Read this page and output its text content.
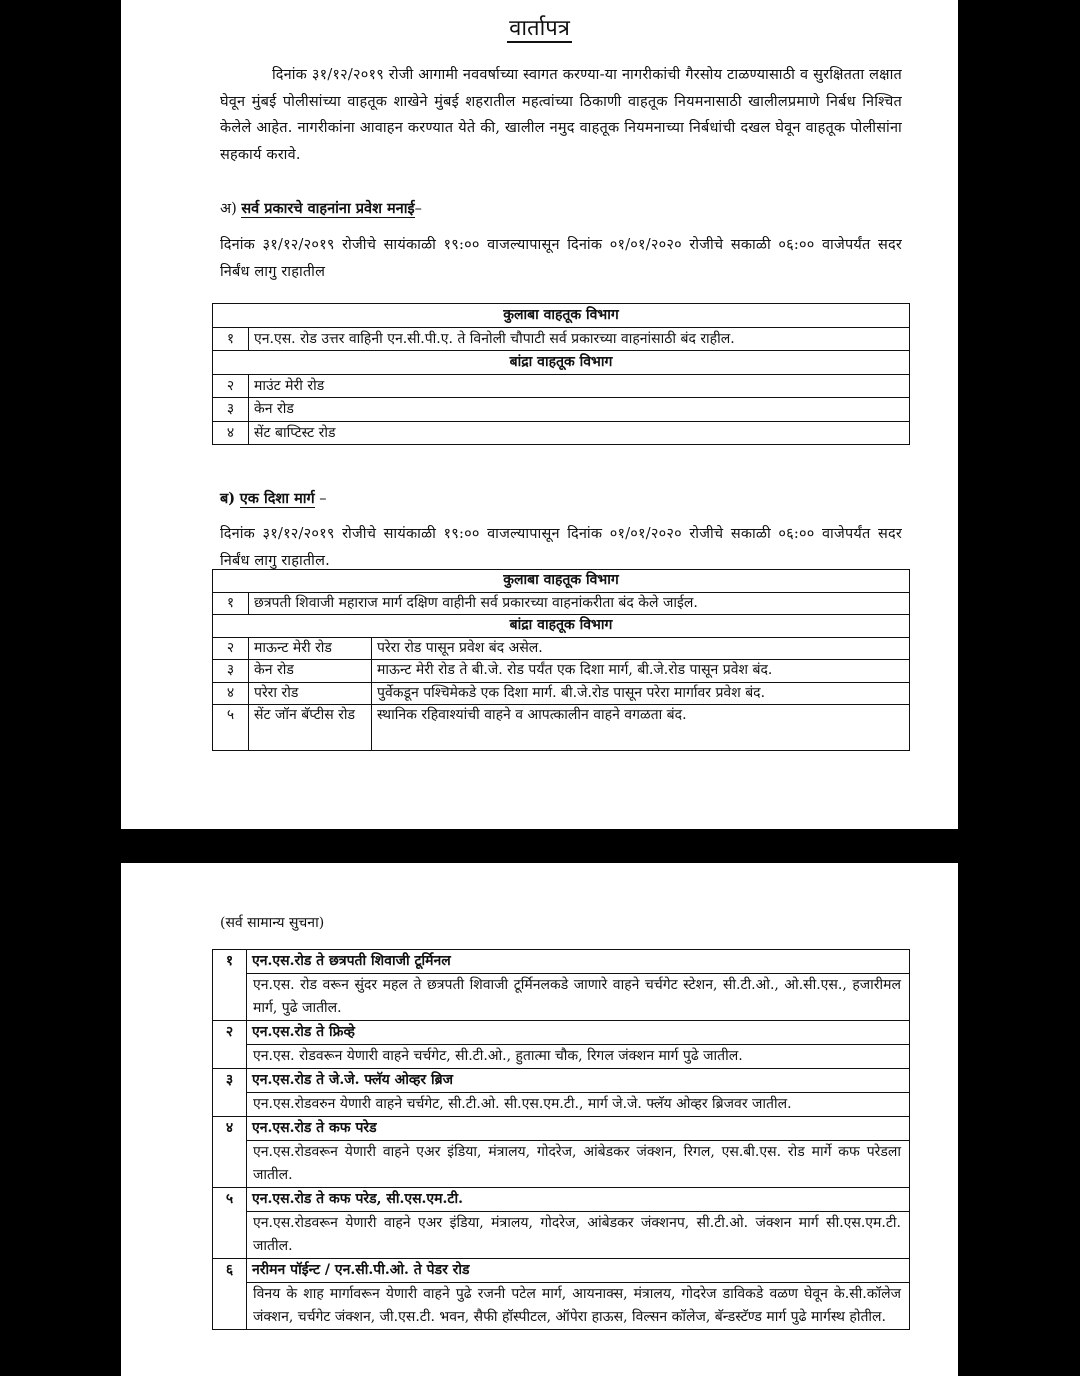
वार्तापत्र
दिनांक ३१/१२/२०१९ रोजी आगामी नववर्षाच्या स्वागत करण्या-या नागरीकांची गैरसोय टाळण्यासाठी व सुरक्षितता लक्षात घेवून मुंबई पोलीसांच्या वाहतूक शाखेने मुंबई शहरातील महत्वांच्या ठिकाणी वाहतूक नियमनासाठी खालीलप्रमाणे निर्बध निश्चित केलेले आहेत. नागरीकांना आवाहन करण्यात येते की, खालील नमुद वाहतूक नियमनाच्या निर्बधांची दखल घेवून वाहतूक पोलीसांना सहकार्य करावे.
अ) सर्व प्रकारचे वाहनांना प्रवेश मनाई–
दिनांक ३१/१२/२०१९ रोजीचे सायंकाळी १९:०० वाजल्यापासून दिनांक ०१/०१/२०२० रोजीचे सकाळी ०६:०० वाजेपर्यंत सदर निर्बंध लागु राहातील
कुलाबा वाहतूक विभाग	
१	एन.एस. रोड उत्तर वाहिनी एन.सी.पी.ए. ते विनोली चौपाटी सर्व प्रकारच्या वाहनांसाठी बंद राहील.
बांद्रा वाहतूक विभाग	
२	माउंट मेरी रोड
३	केन रोड
४	सेंट बाप्टिस्ट रोड
ब) एक दिशा मार्ग –
दिनांक ३१/१२/२०१९ रोजीचे सायंकाळी १९:०० वाजल्यापासून दिनांक ०१/०१/२०२० रोजीचे सकाळी ०६:०० वाजेपर्यंत सदर निर्बंध लागु राहातील.
कुलाबा वाहतूक विभाग		
१	छत्रपती शिवाजी महाराज मार्ग दक्षिण वाहीनी सर्व प्रकारच्या वाहनांकरीता बंद केले जाईल.	
बांद्रा वाहतूक विभाग		
२	माऊन्ट मेरी रोड	परेरा रोड पासून प्रवेश बंद असेल.
३	केन रोड	माऊन्ट मेरी रोड ते बी.जे. रोड पर्यंत एक दिशा मार्ग, बी.जे.रोड पासून प्रवेश बंद.
४	परेरा रोड	पुर्वेकडून पश्चिमेकडे एक दिशा मार्ग. बी.जे.रोड पासून परेरा मार्गावर प्रवेश बंद.
५	सेंट जॉन बॅप्टीस रोड	स्थानिक रहिवाश्यांची वाहने व आपत्कालीन वाहने वगळता बंद.
(सर्व सामान्य सुचना)
१	एन.एस.रोड ते छत्रपती शिवाजी टूर्मिनल
	एन.एस. रोड वरून सुंदर महल ते छत्रपती शिवाजी टूर्मिनलकडे जाणारे वाहने चर्चगेट स्टेशन, सी.टी.ओ., ओ.सी.एस., हजारीमल मार्ग, पुढे जातील.
२	एन.एस.रोड ते फ्रिव्हे
	एन.एस. रोडवरून येणारी वाहने चर्चगेट, सी.टी.ओ., हुतात्मा चौक, रिगल जंक्शन मार्ग पुढे जातील.
३	एन.एस.रोड ते जे.जे. फ्लॅय ओव्हर ब्रिज
	एन.एस.रोडवरुन येणारी वाहने चर्चगेट, सी.टी.ओ. सी.एस.एम.टी., मार्ग जे.जे. फ्लॅय ओव्हर ब्रिजवर जातील.
४	एन.एस.रोड ते कफ परेड
	एन.एस.रोडवरून येणारी वाहने एअर इंडिया, मंत्रालय, गोदरेज, आंबेडकर जंक्शन, रिगल, एस.बी.एस. रोड मार्गे कफ परेडला जातील.
५	एन.एस.रोड ते कफ परेड, सी.एस.एम.टी.
	एन.एस.रोडवरून येणारी वाहने एअर इंडिया, मंत्रालय, गोदरेज, आंबेडकर जंक्शनप, सी.टी.ओ. जंक्शन मार्ग सी.एस.एम.टी. जातील.
६	नरीमन पॉईन्ट / एन.सी.पी.ओ. ते पेडर रोड
	विनय के शाह मार्गावरून येणारी वाहने पुढे रजनी पटेल मार्ग, आयनाक्स, मंत्रालय, गोदरेज डाविकडे वळण घेवून के.सी.कॉलेज जंक्शन, चर्चगेट जंक्शन, जी.एस.टी. भवन, सैफी हॉस्पीटल, ऑपेरा हाऊस, विल्सन कॉलेज, बॅन्डस्टॅण्ड मार्ग पुढे मार्गस्थ होतील.
